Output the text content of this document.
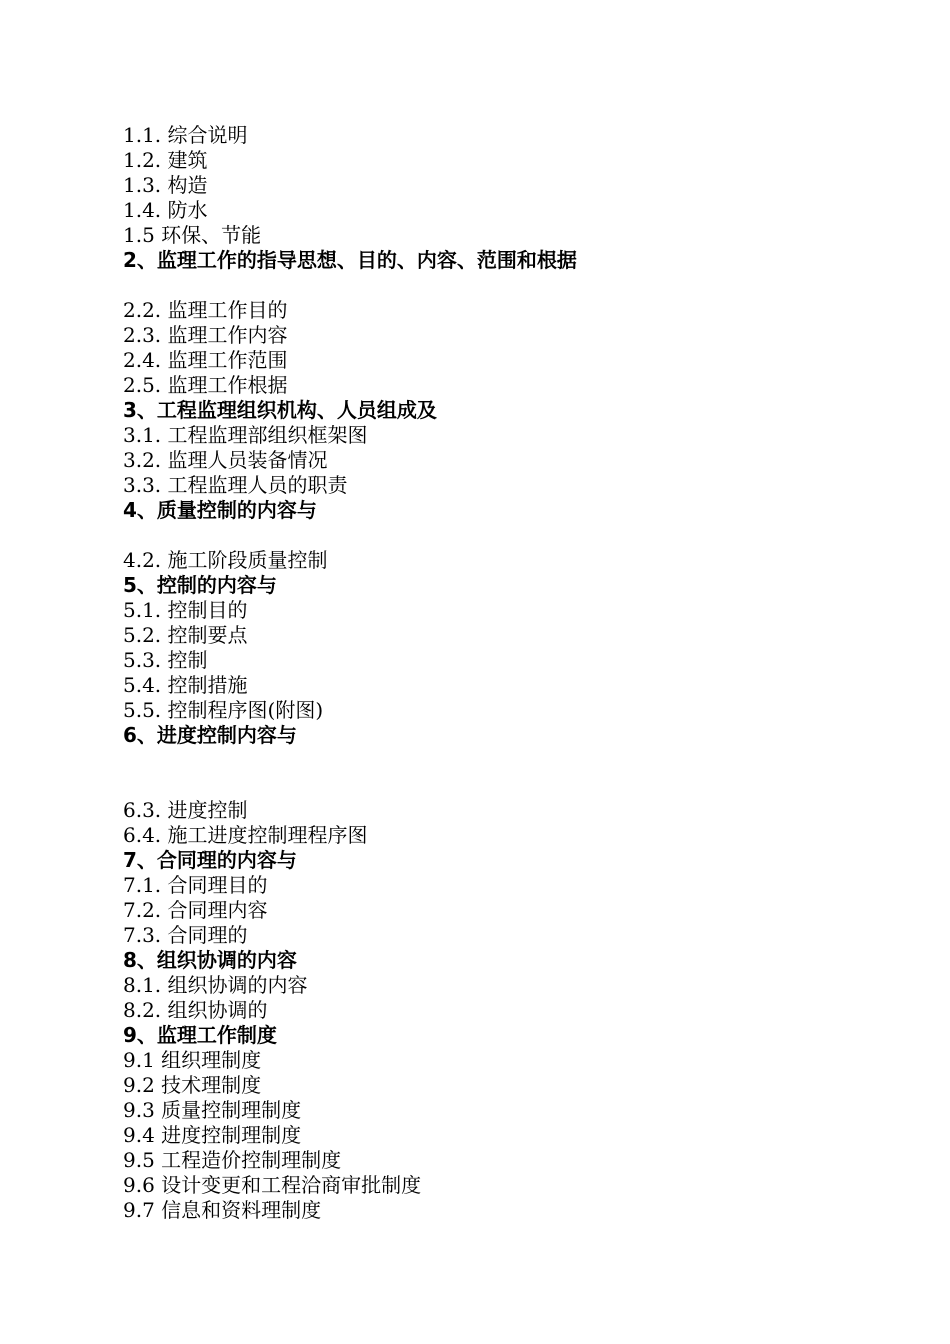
1.1. 综合说明
1.2. 建筑
1.3. 构造
1.4. 防水
1.5 环保、节能
2、监理工作的指导思想、目的、内容、范围和根据
2.2. 监理工作目的
2.3. 监理工作内容
2.4. 监理工作范围
2.5. 监理工作根据
3、工程监理组织机构、人员组成及
3.1. 工程监理部组织框架图
3.2. 监理人员装备情况
3.3. 工程监理人员的职责
4、质量控制的内容与
4.2. 施工阶段质量控制
5、控制的内容与
5.1. 控制目的
5.2. 控制要点
5.3. 控制
5.4. 控制措施
5.5. 控制程序图(附图)
6、进度控制内容与
6.3. 进度控制
6.4. 施工进度控制理程序图
7、合同理的内容与
7.1. 合同理目的
7.2. 合同理内容
7.3. 合同理的
8、组织协调的内容
8.1. 组织协调的内容
8.2. 组织协调的
9、监理工作制度
9.1 组织理制度
9.2 技术理制度
9.3 质量控制理制度
9.4 进度控制理制度
9.5 工程造价控制理制度
9.6 设计变更和工程洽商审批制度
9.7 信息和资料理制度
